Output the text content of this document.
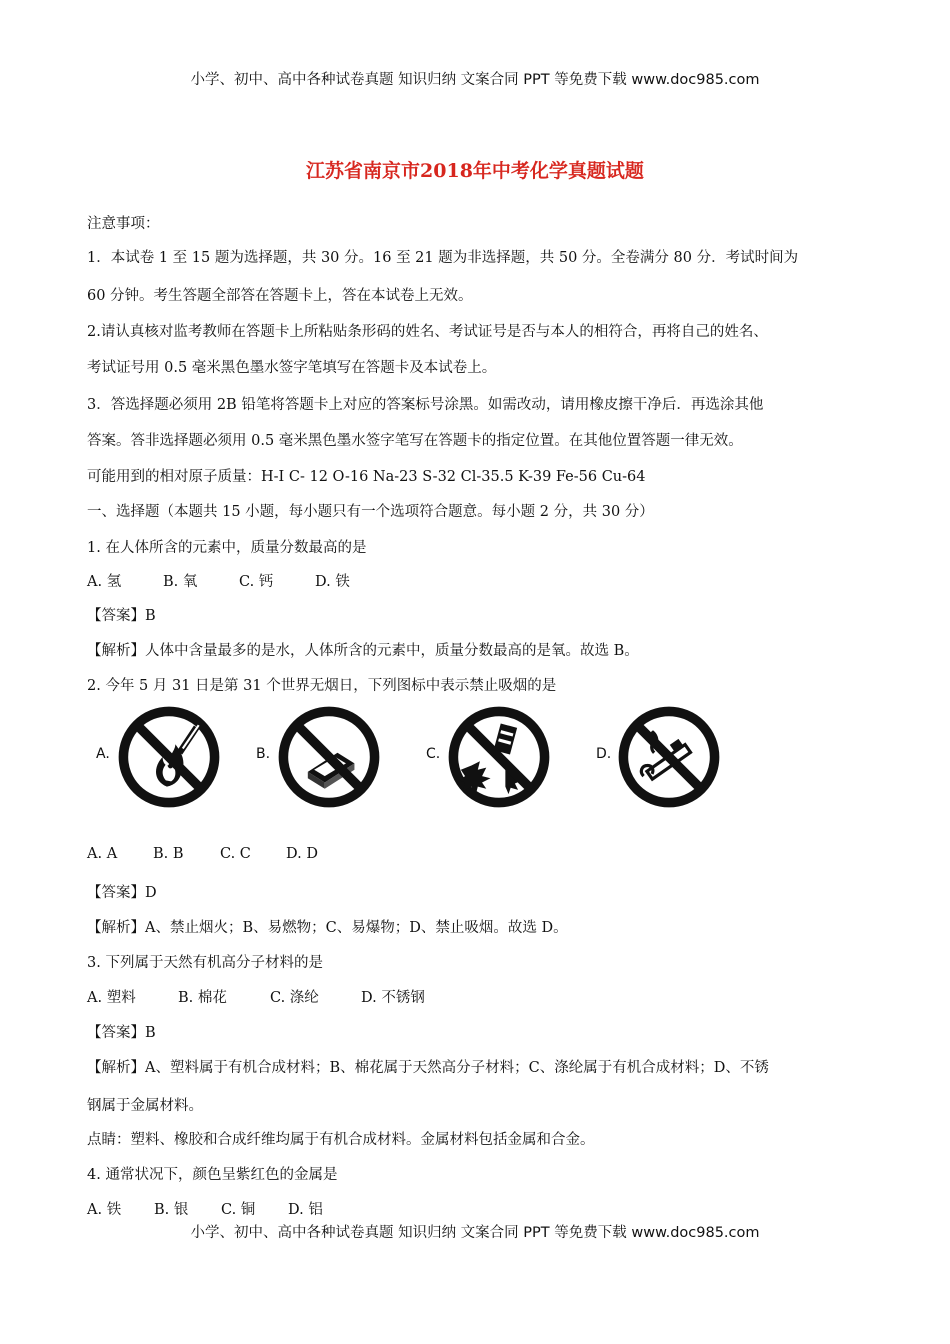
小学、初中、高中各种试卷真题 知识归纳 文案合同 PPT 等免费下载 www.doc985.com
江苏省南京市2018年中考化学真题试题
注意事项：
1．本试卷 1 至 15 题为选择题，共 30 分。16 至 21 题为非选择题，共 50 分。全卷满分 80 分．考试时间为
60 分钟。考生答题全部答在答题卡上，答在本试卷上无效。
2.请认真核对监考教师在答题卡上所粘贴条形码的姓名、考试证号是否与本人的相符合，再将自己的姓名、
考试证号用 0.5 毫米黑色墨水签字笔填写在答题卡及本试卷上。
3．答选择题必须用 2B 铅笔将答题卡上对应的答案标号涂黑。如需改动，请用橡皮擦干净后．再选涂其他
答案。答非选择题必须用 0.5 毫米黑色墨水签字笔写在答题卡的指定位置。在其他位置答题一律无效。
可能用到的相对原子质量：H-I C- 12 O-16 Na-23 S-32 Cl-35.5 K-39 Fe-56 Cu-64
一、选择题（本题共 15 小题，每小题只有一个选项符合题意。每小题 2 分，共 30 分）
1. 在人体所含的元素中，质量分数最高的是
A. 氢	B. 氧	C. 钙	D. 铁
【答案】B
【解析】人体中含量最多的是水，人体所含的元素中，质量分数最高的是氧。故选 B。
2. 今年 5 月 31 日是第 31 个世界无烟日，下列图标中表示禁止吸烟的是
A.	B.	C.	D.
A. A B. B	C. C D. D
【答案】D
【解析】A、禁止烟火；B、易燃物；C、易爆物；D、禁止吸烟。故选 D。
3. 下列属于天然有机高分子材料的是
A. 塑料	B. 棉花	C. 涤纶	D. 不锈钢
【答案】B
【解析】A、塑料属于有机合成材料；B、棉花属于天然高分子材料；C、涤纶属于有机合成材料；D、不锈
钢属于金属材料。
点睛：塑料、橡胶和合成纤维均属于有机合成材料。金属材料包括金属和合金。
4. 通常状况下，颜色呈紫红色的金属是
A. 铁 B. 银 C. 铜 D. 铝
小学、初中、高中各种试卷真题 知识归纳 文案合同 PPT 等免费下载 www.doc985.com
